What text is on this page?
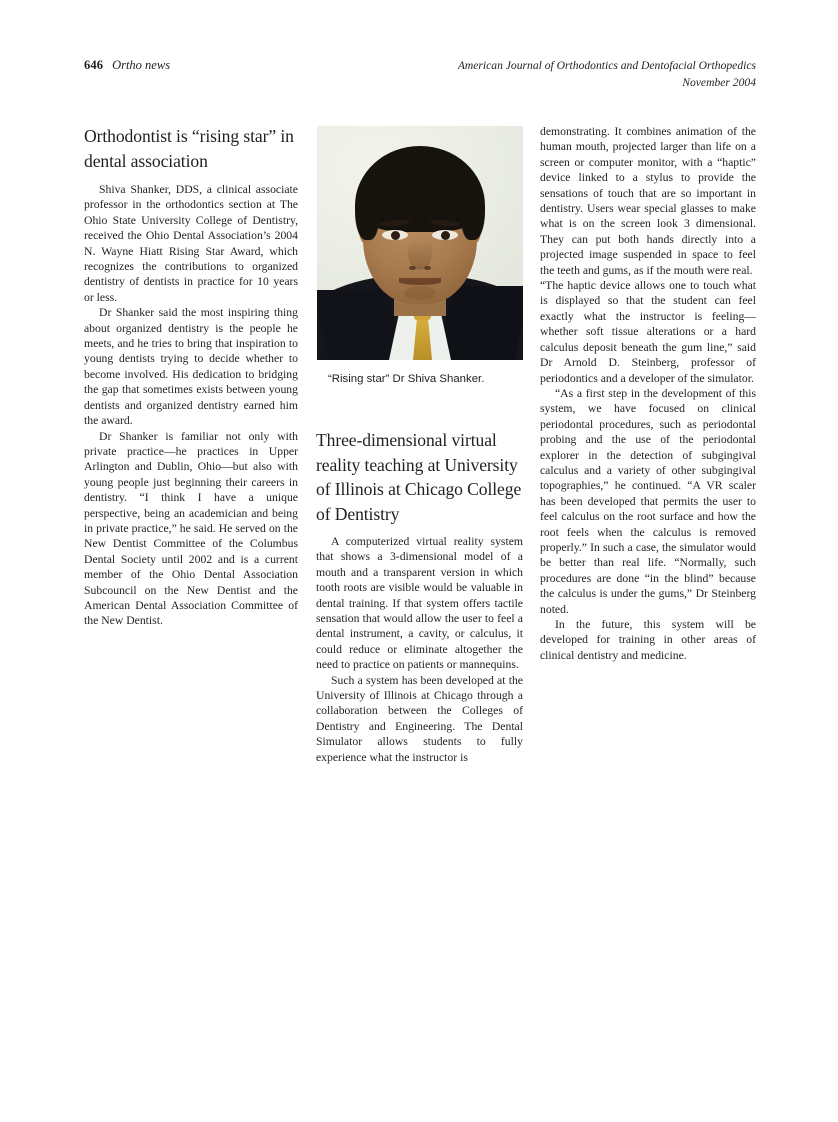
646 Ortho news	American Journal of Orthodontics and Dentofacial Orthopedics
November 2004
Orthodontist is “rising star” in dental association

Shiva Shanker, DDS, a clinical associate professor in the orthodontics section at The Ohio State University College of Dentistry, received the Ohio Dental Association’s 2004 N. Wayne Hiatt Rising Star Award, which recognizes the contributions to organized dentistry of dentists in practice for 10 years or less.

Dr Shanker said the most inspiring thing about organized dentistry is the people he meets, and he tries to bring that inspiration to young dentists trying to decide whether to become involved. His dedication to bridging the gap that sometimes exists between young dentists and organized dentistry earned him the award.

Dr Shanker is familiar not only with private practice—he practices in Upper Arlington and Dublin, Ohio—but also with young people just beginning their careers in dentistry. “I think I have a unique perspective, being an academician and being in private practice,” he said. He served on the New Dentist Committee of the Columbus Dental Society until 2002 and is a current member of the Ohio Dental Association Subcouncil on the New Dentist and the American Dental Association Committee of the New Dentist.

“Rising star” Dr Shiva Shanker.
Three-dimensional virtual reality teaching at University of Illinois at Chicago College of Dentistry

A computerized virtual reality system that shows a 3-dimensional model of a mouth and a transparent version in which tooth roots are visible would be valuable in dental training. If that system offers tactile sensation that would allow the user to feel a dental instrument, a cavity, or calculus, it could reduce or eliminate altogether the need to practice on patients or mannequins.

Such a system has been developed at the University of Illinois at Chicago through a collaboration between the Colleges of Dentistry and Engineering. The Dental Simulator allows students to fully experience what the instructor is

demonstrating. It combines animation of the human mouth, projected larger than life on a screen or computer monitor, with a “haptic” device linked to a stylus to provide the sensations of touch that are so important in dentistry. Users wear special glasses to make what is on the screen look 3 dimensional. They can put both hands directly into a projected image suspended in space to feel the teeth and gums, as if the mouth were real.

“The haptic device allows one to touch what is displayed so that the student can feel exactly what the instructor is feeling—whether soft tissue alterations or a hard calculus deposit beneath the gum line,” said Dr Arnold D. Steinberg, professor of periodontics and a developer of the simulator.

“As a first step in the development of this system, we have focused on clinical periodontal procedures, such as periodontal probing and the use of the periodontal explorer in the detection of subgingival calculus and a variety of other subgingival topographies,” he continued. “A VR scaler has been developed that permits the user to feel calculus on the root surface and how the root feels when the calculus is removed properly.” In such a case, the simulator would be better than real life. “Normally, such procedures are done “in the blind” because the calculus is under the gums,” Dr Steinberg noted.

In the future, this system will be developed for training in other areas of clinical dentistry and medicine.
